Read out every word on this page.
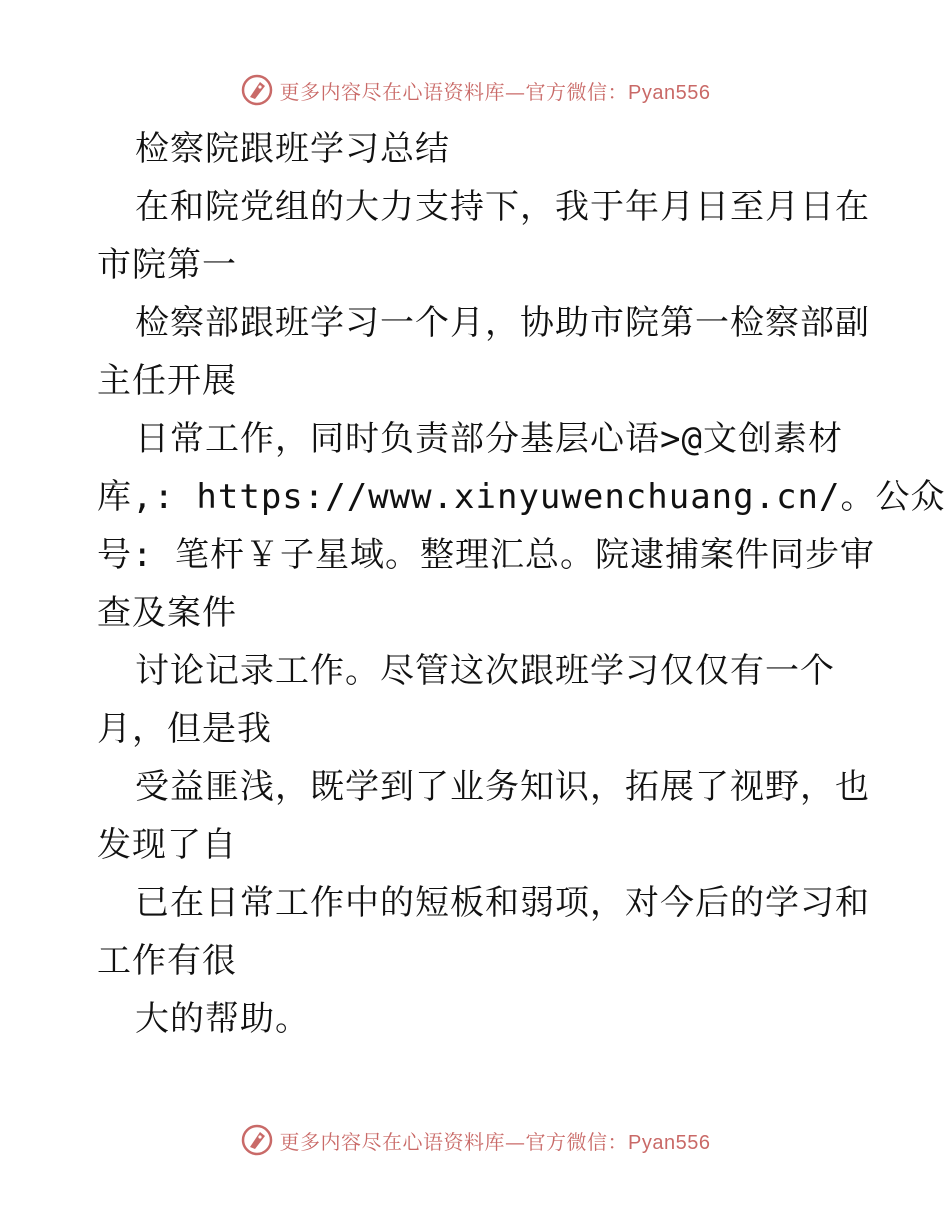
更多内容尽在心语资料库—官方微信：Pyan556

检察院跟班学习总结

在和院党组的大力支持下，我于年月日至月日在

市院第一

检察部跟班学习一个月，协助市院第一检察部副

主任开展

日常工作，同时负责部分基层心语>@文创素材

库,: https://www.xinyuwenchuang.cn/。公众

号: 笔杆￥子星域。整理汇总。院逮捕案件同步审

查及案件

讨论记录工作。尽管这次跟班学习仅仅有一个

月，但是我

受益匪浅，既学到了业务知识，拓展了视野，也

发现了自

已在日常工作中的短板和弱项，对今后的学习和

工作有很

大的帮助。

更多内容尽在心语资料库—官方微信：Pyan556
